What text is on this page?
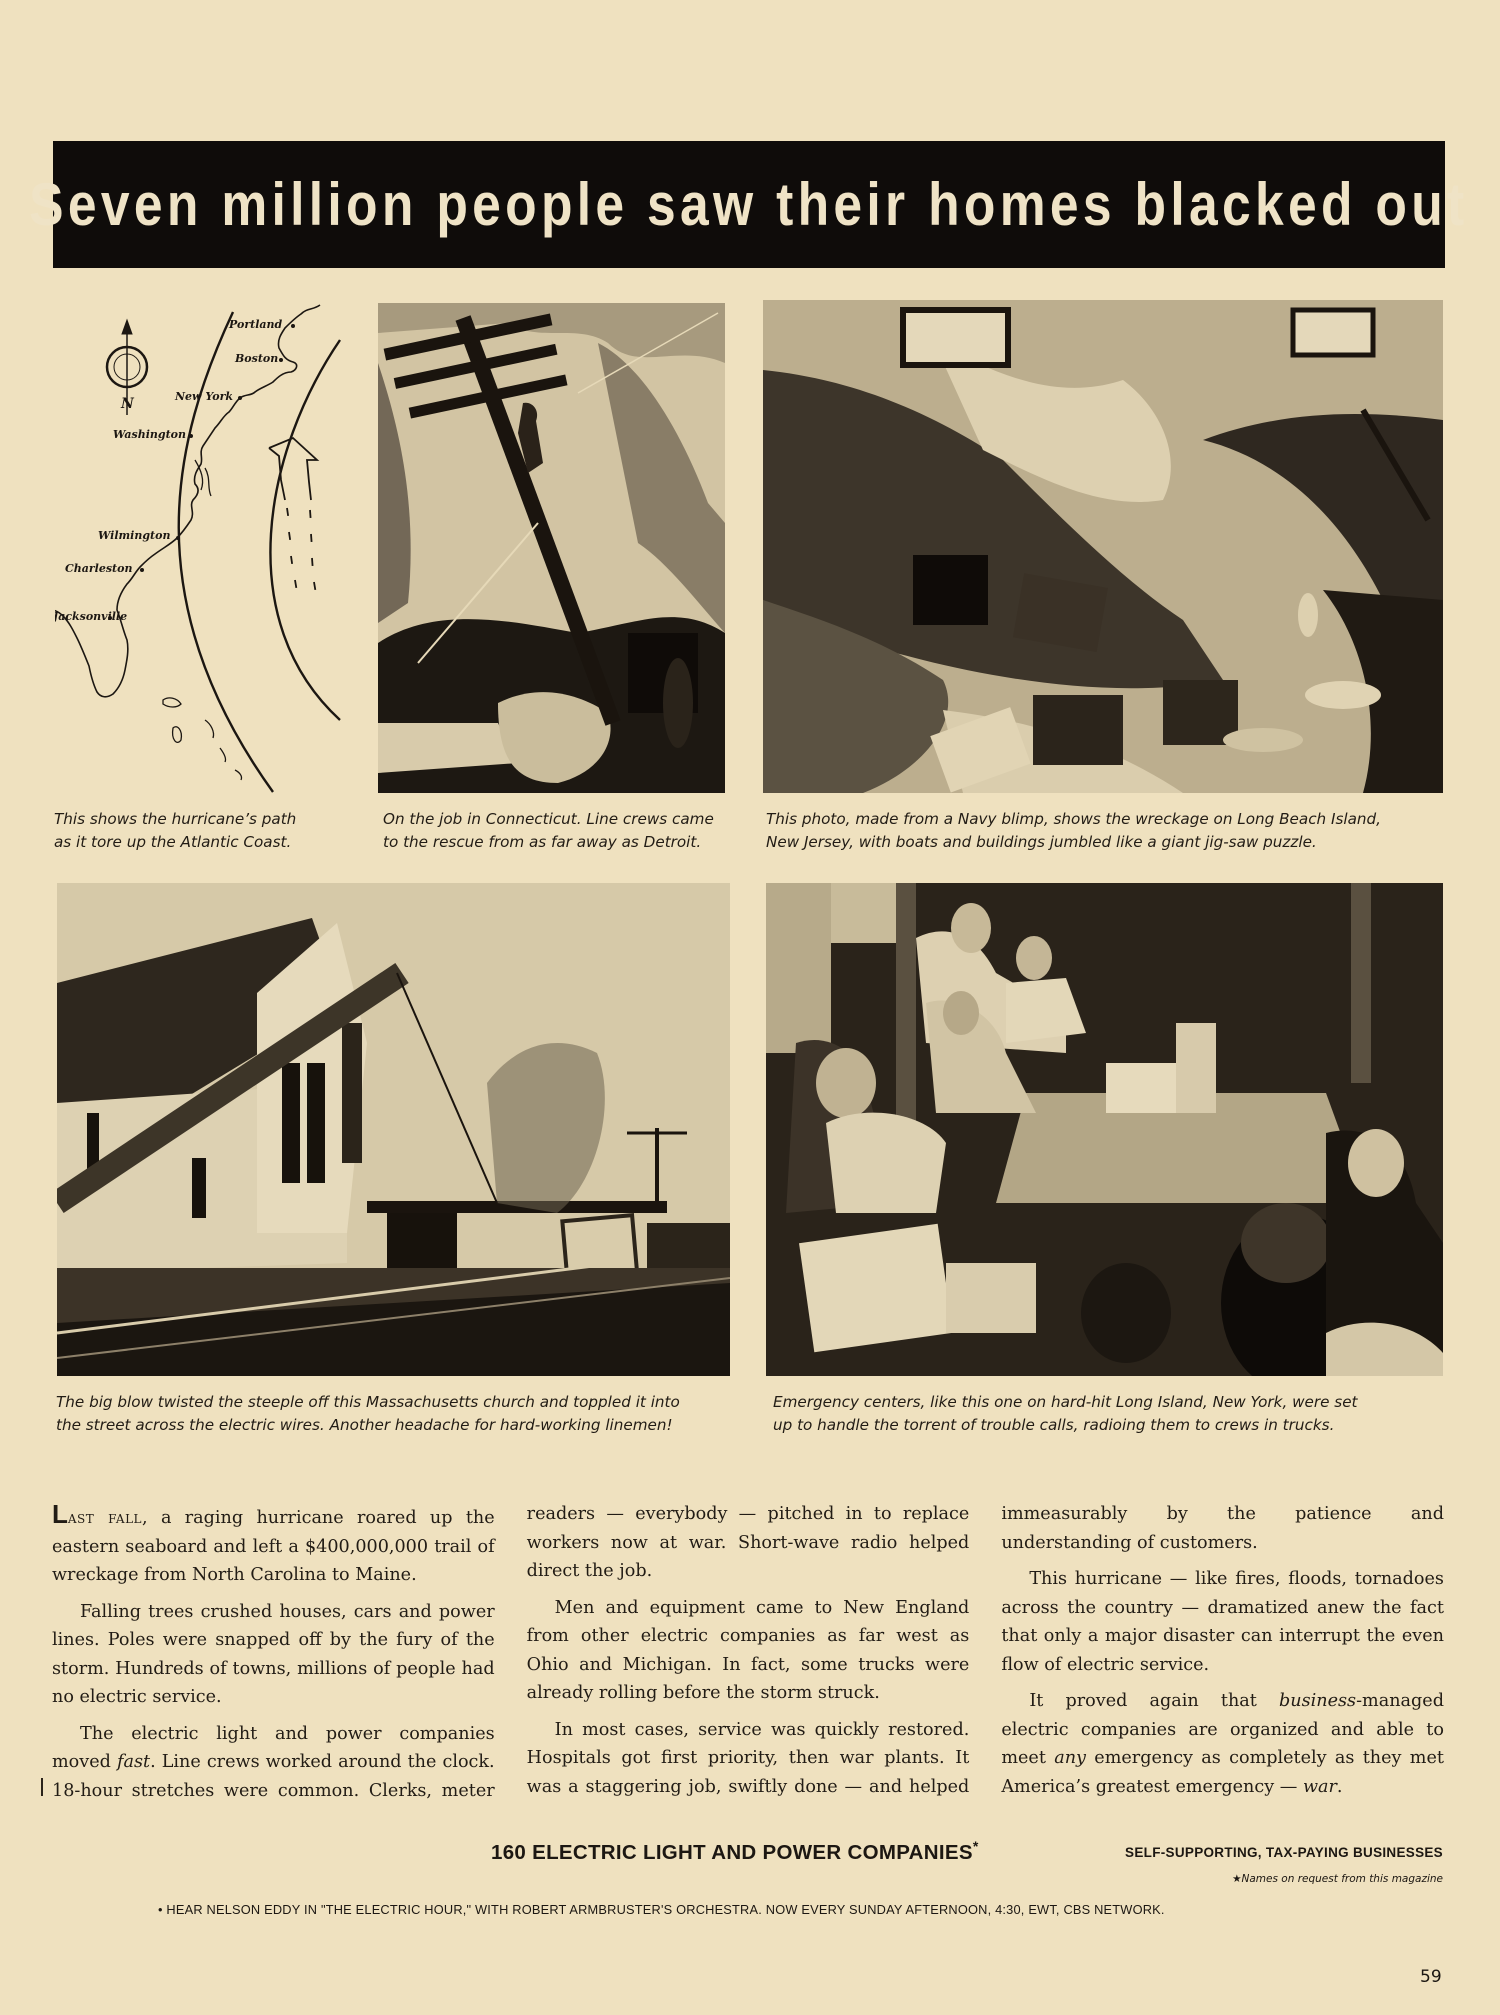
Seven million people saw their homes blacked out
N
Portland
Boston
New York
Washington
Wilmington
Charleston
Jacksonville
This shows the hurricane’s path
as it tore up the Atlantic Coast.
On the job in Connecticut. Line crews came
to the rescue from as far away as Detroit.
This photo, made from a Navy blimp, shows the wreckage on Long Beach Island,
New Jersey, with boats and buildings jumbled like a giant jig-saw puzzle.
The big blow twisted the steeple off this Massachusetts church and toppled it into
the street across the electric wires. Another headache for hard-working linemen!
Emergency centers, like this one on hard-hit Long Island, New York, were set
up to handle the torrent of trouble calls, radioing them to crews in trucks.
160 ELECTRIC LIGHT AND POWER COMPANIES*	SELF-SUPPORTING, TAX-PAYING BUSINESSES
★Names on request from this magazine
• HEAR NELSON EDDY IN "THE ELECTRIC HOUR," WITH ROBERT ARMBRUSTER'S ORCHESTRA. NOW EVERY SUNDAY AFTERNOON, 4:30, EWT, CBS NETWORK.
59

Last fall, a raging hurricane roared up the eastern seaboard and left a $400,000,000 trail of wreckage from North Carolina to Maine.

Falling trees crushed houses, cars and power lines. Poles were snapped off by the fury of the storm. Hundreds of towns, millions of people had no electric service.

The electric light and power companies moved fast. Line crews worked around the clock. 18-hour stretches were common. Clerks, meter readers — everybody — pitched in to replace workers now at war. Short-wave radio helped direct the job.

Men and equipment came to New England from other electric companies as far west as Ohio and Michigan. In fact, some trucks were already rolling before the storm struck.

In most cases, service was quickly restored. Hospitals got first priority, then war plants. It was a staggering job, swiftly done — and helped immeasurably by the patience and understanding of customers.

This hurricane — like fires, floods, tornadoes across the country — dramatized anew the fact that only a major disaster can interrupt the even flow of electric service.

It proved again that business-managed electric companies are organized and able to meet any emergency as completely as they met America’s greatest emergency — war.
